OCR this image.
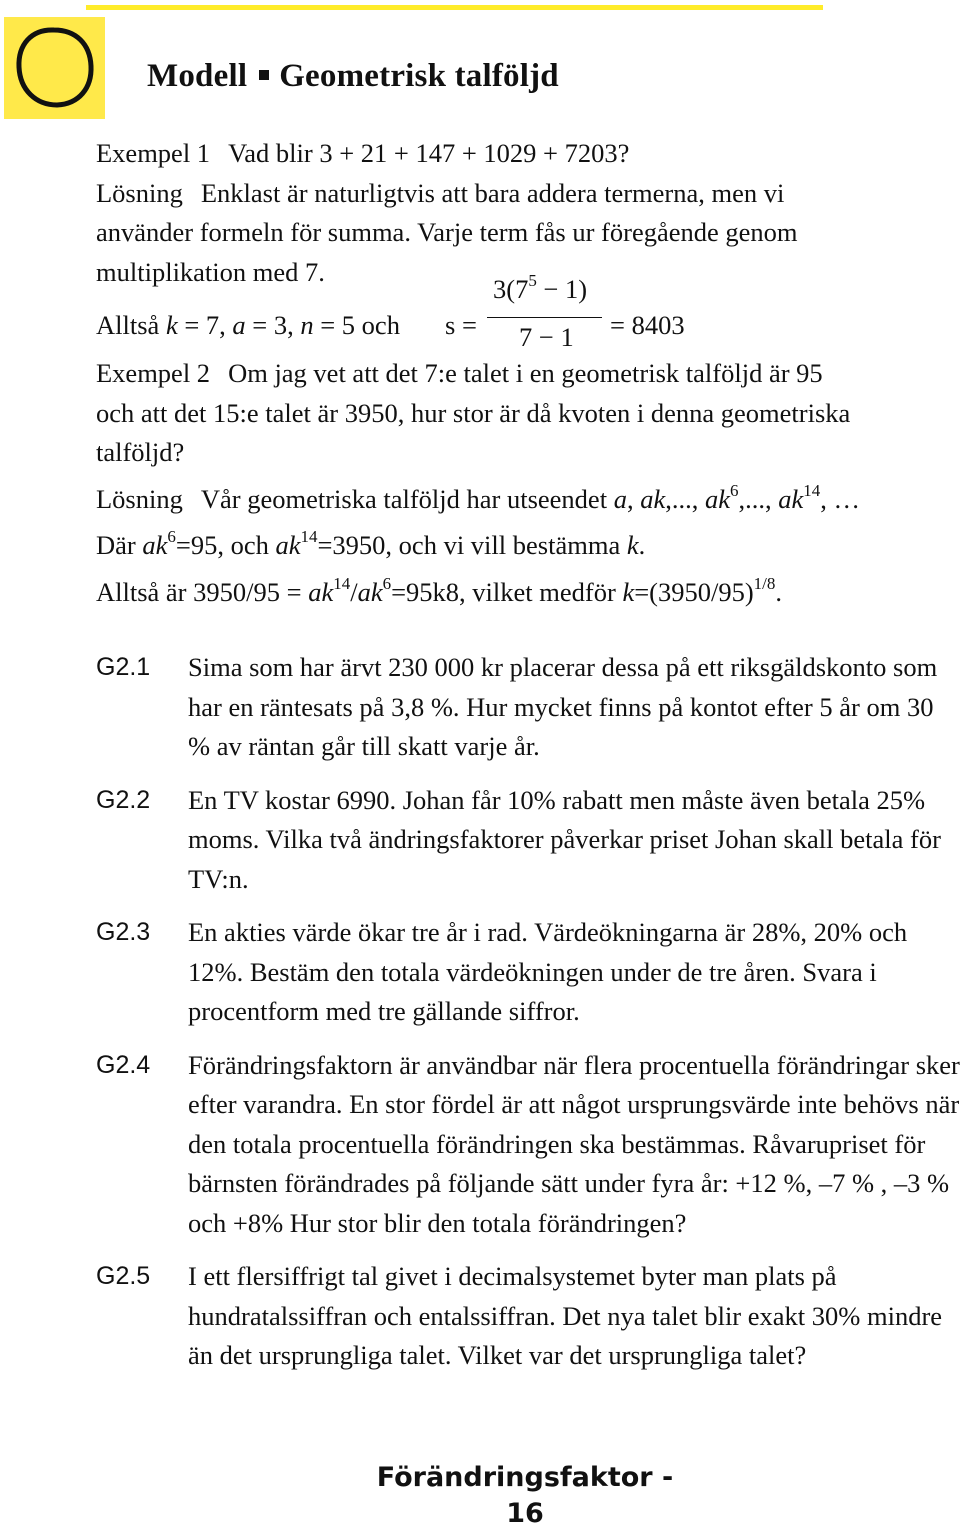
Modell Geometrisk talföljd

Exempel 1 Vad blir 3 + 21 + 147 + 1029 + 7203?

Lösning Enklast är naturligtvis att bara addera termerna, men vi

använder formeln för summa. Varje term fås ur föregående genom

multiplikation med 7.

Alltså k = 7, a = 3, n = 5 och s =
$3(7^5 - 1)$
7 − 1 = 8403

Exempel 2 Om jag vet att det 7:e talet i en geometrisk talföljd är 95

och att det 15:e talet är 3950, hur stor är då kvoten i denna geometriska

talföljd?

Lösning Vår geometriska talföljd har utseendet a, ak,..., $ak^6$,..., $ak^{14}$, …

Där $ak^6=95$, och $ak^{14}=3950$, och vi vill bestämma k.

Alltså är $3950/95 = ak^{14}/ak^6=95k8$, vilket medför $k=(3950/95)^{1/8}$.

G2.1	Sima som har ärvt 230 000 kr placerar dessa på ett riksgäldskonto som har en räntesats på 3,8 %. Hur mycket finns på kontot efter 5 år om 30 % av räntan går till skatt varje år.
G2.2	En TV kostar 6990. Johan får 10% rabatt men måste även betala 25% moms. Vilka två ändringsfaktorer påverkar priset Johan skall betala för TV:n.
G2.3	En akties värde ökar tre år i rad. Värdeökningarna är 28%, 20% och 12%. Bestäm den totala värdeökningen under de tre åren. Svara i procentform med tre gällande siffror.
G2.4	Förändringsfaktorn är användbar när flera procentuella förändringar sker efter varandra. En stor fördel är att något ursprungsvärde inte behövs när den totala procentuella förändringen ska bestämmas. Råvarupriset för bärnsten förändrades på följande sätt under fyra år: +12 %, –7 % , –3 % och +8% Hur stor blir den totala förändringen?
G2.5	I ett flersiffrigt tal givet i decimalsystemet byter man plats på hundratalssiffran och entalssiffran. Det nya talet blir exakt 30% mindre än det ursprungliga talet. Vilket var det ursprungliga talet?
Förändringsfaktor -
16
